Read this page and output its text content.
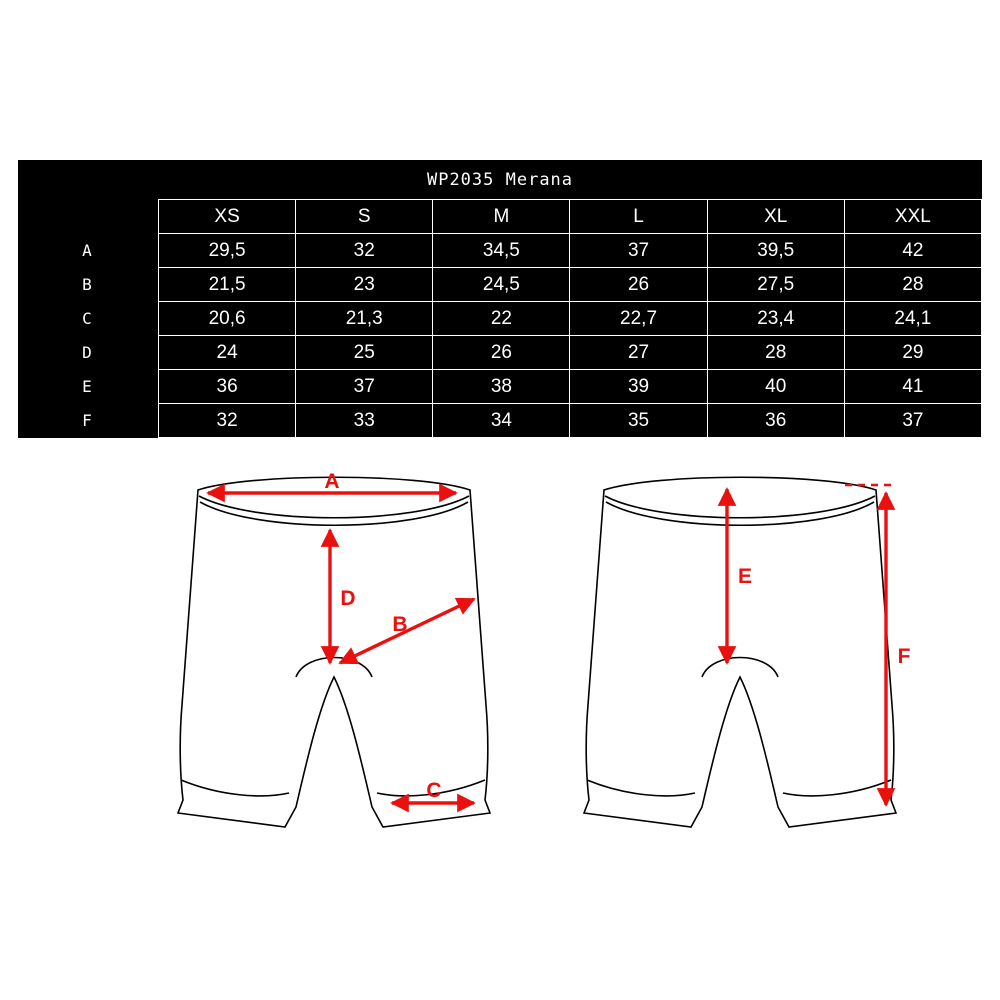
WP2035 Merana
	XS	S	M	L	XL	XXL
A	29,5	32	34,5	37	39,5	42
B	21,5	23	24,5	26	27,5	28
C	20,6	21,3	22	22,7	23,4	24,1
D	24	25	26	27	28	29
E	36	37	38	39	40	41
F	32	33	34	35	36	37
A
D
B
C
E
F
